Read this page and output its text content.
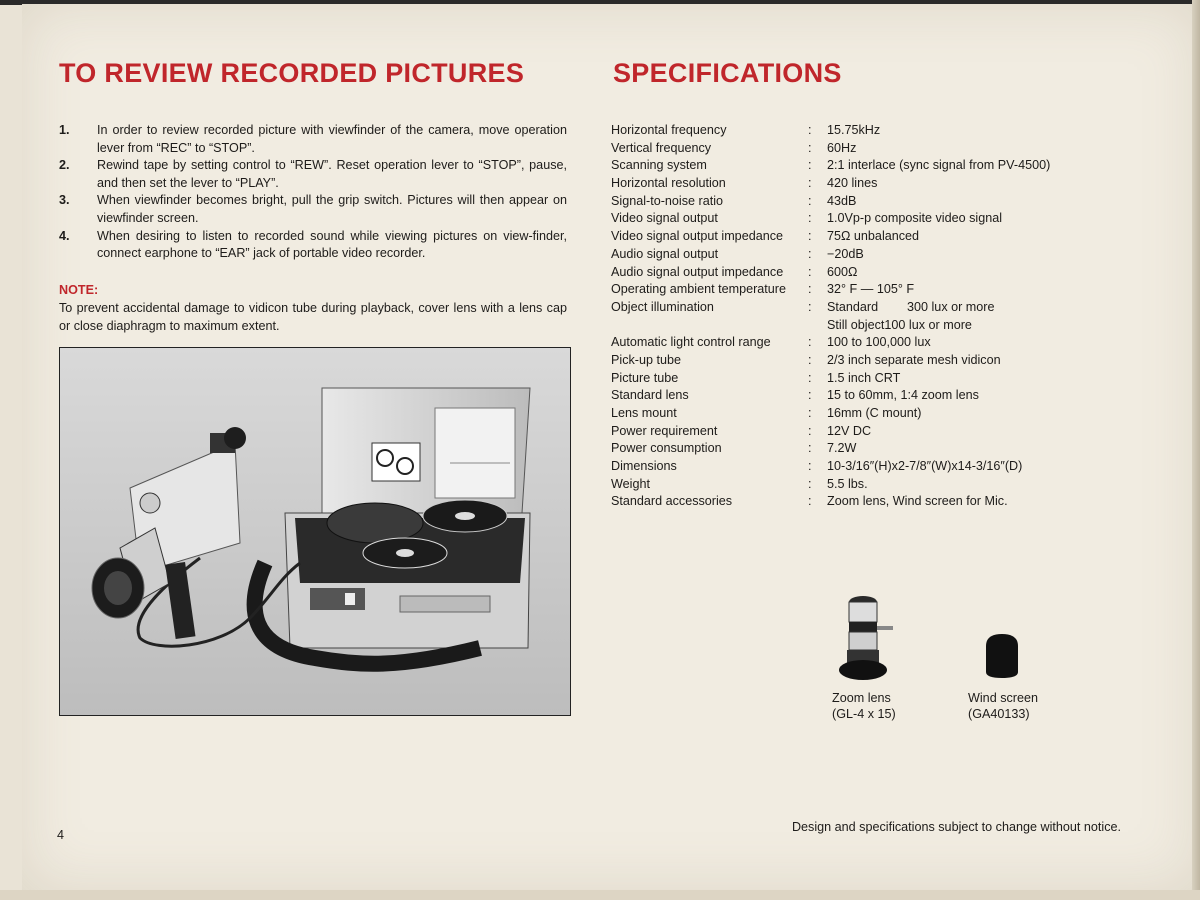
TO REVIEW RECORDED PICTURES	SPECIFICATIONS
1. In order to review recorded picture with viewfinder of the camera, move operation lever from “REC” to “STOP”.
2. Rewind tape by setting control to “REW”. Reset operation lever to “STOP”, pause, and then set the lever to “PLAY”.
3. When viewfinder becomes bright, pull the grip switch. Pictures will then appear on viewfinder screen.
4. When desiring to listen to recorded sound while viewing pictures on view-finder, connect earphone to “EAR” jack of portable video recorder.
NOTE:

To prevent accidental damage to vidicon tube during playback, cover lens with a lens cap or close diaphragm to maximum extent.

Horizontal frequency	: 15.75kHz
Vertical frequency	: 60Hz
Scanning system	: 2:1 interlace (sync signal from PV-4500)
Horizontal resolution	: 420 lines
Signal-to-noise ratio	: 43dB
Video signal output	: 1.0Vp-p composite video signal
Video signal output impedance : 75Ω unbalanced
Audio signal output	: −20dB
Audio signal output impedance : 600Ω
Operating ambient temperature : 32° F — 105° F
Object illumination	: Standard 300 lux or more
Still object100 lux or more
Automatic light control range	: 100 to 100,000 lux
Pick-up tube	: 2/3 inch separate mesh vidicon
Picture tube	: 1.5 inch CRT
Standard lens	: 15 to 60mm, 1:4 zoom lens
Lens mount	: 16mm (C mount)
Power requirement	: 12V DC
Power consumption	: 7.2W
Dimensions	: 10-3/16″(H)x2-7/8″(W)x14-3/16″(D)
Weight	: 5.5 lbs.
Standard accessories	: Zoom lens, Wind screen for Mic.
Zoom lens
(GL-4 x 15)
Wind screen
(GA40133)
4
Design and specifications subject to change without notice.
